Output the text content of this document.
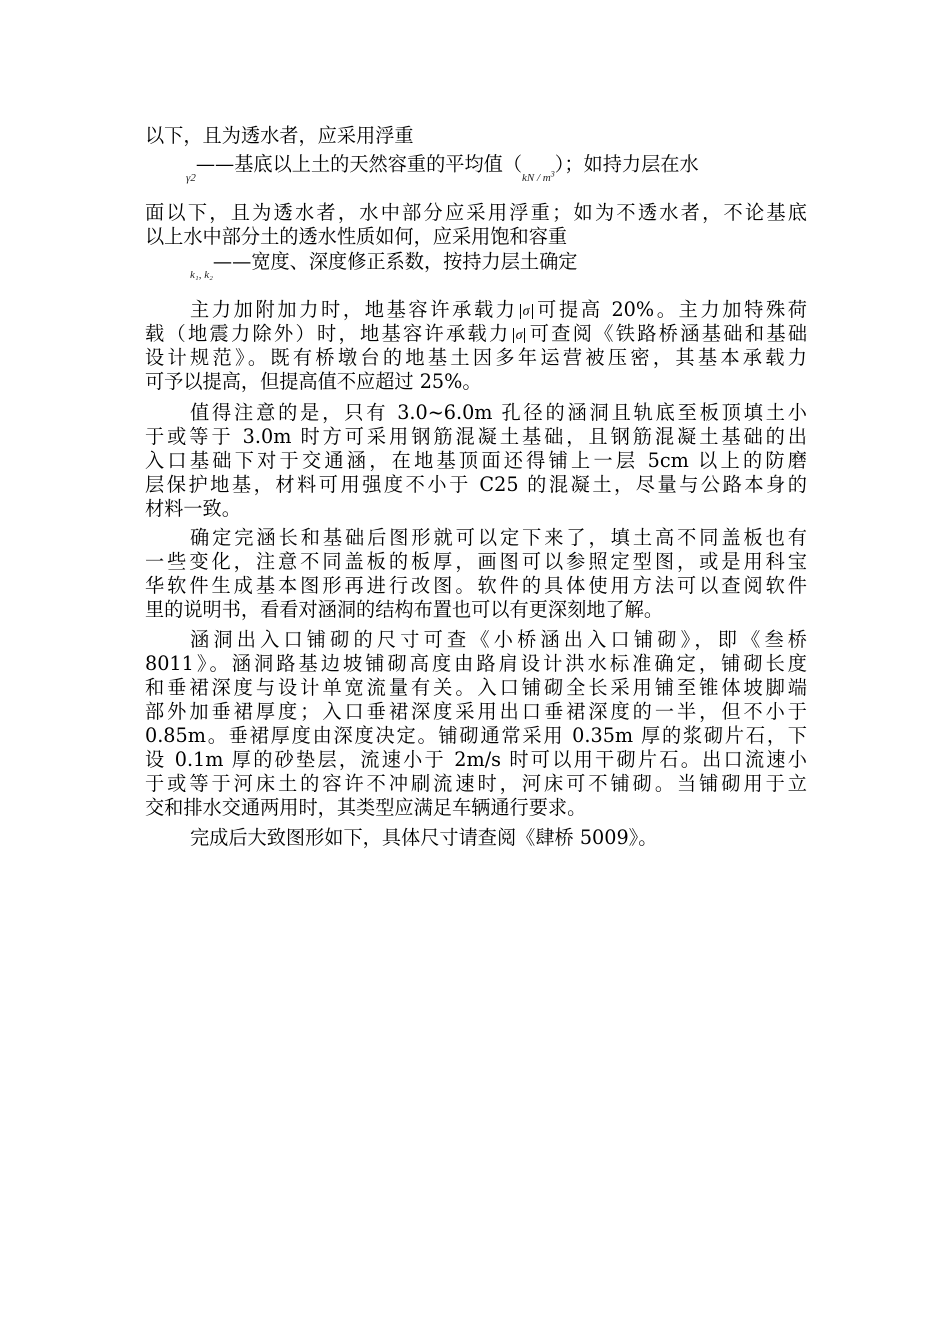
以下，且为透水者，应采用浮重
$_{\gamma 2}$——基底以上土的天然容重的平均值$(_{kN / m^3})$；如持力层在水
面以下，且为透水者，水中部分应采用浮重；如为不透水者，不论基底
以上水中部分土的透水性质如何，应采用饱和容重
$_{k_1, k_2}$——宽度、深度修正系数，按持力层土确定
主力加附加力时，地基容许承载力 σ 可提高 20%。主力加特殊荷
载（地震力除外）时，地基容许承载力 σ 可查阅《铁路桥涵基础和基础
设计规范》。既有桥墩台的地基土因多年运营被压密，其基本承载力
可予以提高，但提高值不应超过 25%。
值得注意的是，只有 3.0~6.0m 孔径的涵洞且轨底至板顶填土小
于或等于 3.0m 时方可采用钢筋混凝土基础，且钢筋混凝土基础的出
入口基础下对于交通涵，在地基顶面还得铺上一层 5cm 以上的防磨
层保护地基，材料可用强度不小于 C25 的混凝土，尽量与公路本身的
材料一致。
确定完涵长和基础后图形就可以定下来了，填土高不同盖板也有
一些变化，注意不同盖板的板厚，画图可以参照定型图，或是用科宝
华软件生成基本图形再进行改图。软件的具体使用方法可以查阅软件
里的说明书，看看对涵洞的结构布置也可以有更深刻地了解。
涵洞出入口铺砌的尺寸可查《小桥涵出入口铺砌》，即《叁桥
8011》。涵洞路基边坡铺砌高度由路肩设计洪水标准确定，铺砌长度
和垂裙深度与设计单宽流量有关。入口铺砌全长采用铺至锥体坡脚端
部外加垂裙厚度；入口垂裙深度采用出口垂裙深度的一半，但不小于
0.85m。垂裙厚度由深度决定。铺砌通常采用 0.35m 厚的浆砌片石，下
设 0.1m 厚的砂垫层，流速小于 2m/s 时可以用干砌片石。出口流速小
于或等于河床土的容许不冲刷流速时，河床可不铺砌。当铺砌用于立
交和排水交通两用时，其类型应满足车辆通行要求。
完成后大致图形如下，具体尺寸请查阅《肆桥 5009》。
